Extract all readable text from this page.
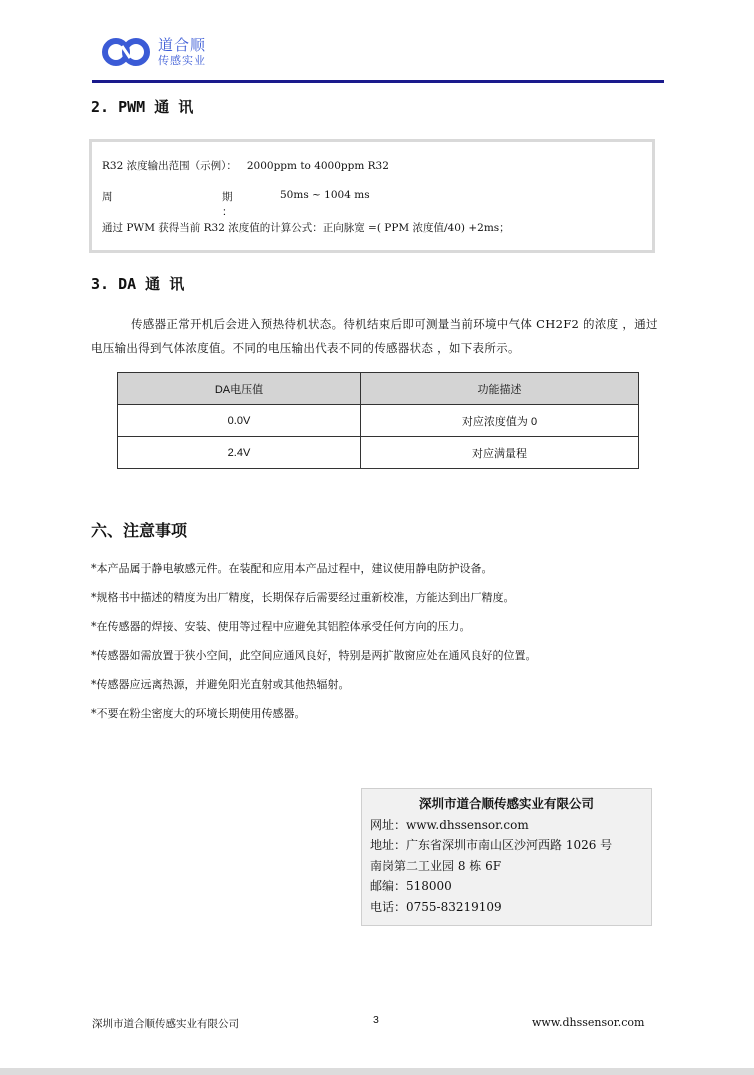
道合顺
传感实业
2. PWM 通 讯
R32 浓度输出范围（示例）： 2000ppm to 4000ppm R32
周	期 ：
50ms ~ 1004 ms
通过 PWM 获得当前 R32 浓度值的计算公式：正向脉宽 =( PPM 浓度值/40) +2ms；
3. DA 通 讯
传感器正常开机后会进入预热待机状态。待机结束后即可测量当前环境中气体 CH2F2 的浓度 ，通过电压输出得到气体浓度值。不同的电压输出代表不同的传感器状态 ，如下表所示。
DA电压值	功能描述
0.0V	对应浓度值为 0
2.4V	对应满量程
六、注意事项
*本产品属于静电敏感元件。在装配和应用本产品过程中，建议使用静电防护设备。
*规格书中描述的精度为出厂精度，长期保存后需要经过重新校准，方能达到出厂精度。
*在传感器的焊接、安装、使用等过程中应避免其铝腔体承受任何方向的压力。
*传感器如需放置于狭小空间，此空间应通风良好，特别是两扩散窗应处在通风良好的位置。
*传感器应远离热源，并避免阳光直射或其他热辐射。
*不要在粉尘密度大的环境长期使用传感器。
深圳市道合顺传感实业有限公司
网址：www.dhssensor.com
地址：广东省深圳市南山区沙河西路 1026 号
南岗第二工业园 8 栋 6F
邮编：518000
电话：0755-83219109
深圳市道合顺传感实业有限公司	3	www.dhssensor.com
